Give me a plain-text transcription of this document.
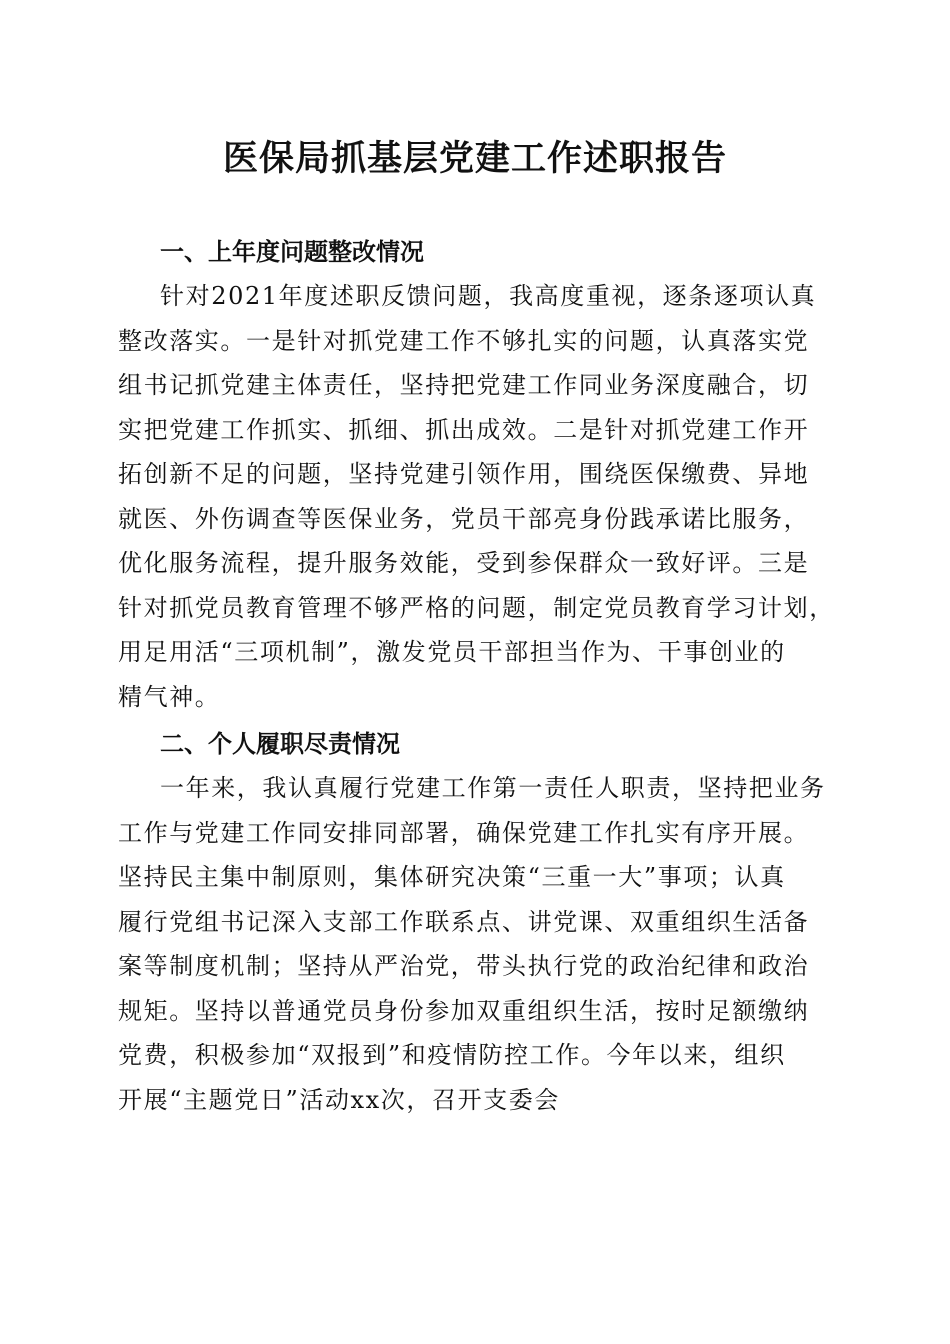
医保局抓基层党建工作述职报告
一、上年度问题整改情况

针对2021年度述职反馈问题，我高度重视，逐条逐项认真

整改落实。一是针对抓党建工作不够扎实的问题，认真落实党

组书记抓党建主体责任，坚持把党建工作同业务深度融合，切

实把党建工作抓实、抓细、抓出成效。二是针对抓党建工作开

拓创新不足的问题，坚持党建引领作用，围绕医保缴费、异地

就医、外伤调查等医保业务，党员干部亮身份践承诺比服务，

优化服务流程，提升服务效能，受到参保群众一致好评。三是

针对抓党员教育管理不够严格的问题，制定党员教育学习计划，

用足用活“三项机制”，激发党员干部担当作为、干事创业的

精气神。

二、个人履职尽责情况

一年来，我认真履行党建工作第一责任人职责，坚持把业务

工作与党建工作同安排同部署，确保党建工作扎实有序开展。

坚持民主集中制原则，集体研究决策“三重一大”事项；认真

履行党组书记深入支部工作联系点、讲党课、双重组织生活备

案等制度机制；坚持从严治党，带头执行党的政治纪律和政治

规矩。坚持以普通党员身份参加双重组织生活，按时足额缴纳

党费，积极参加“双报到”和疫情防控工作。今年以来，组织

开展“主题党日”活动xx次，召开支委会
